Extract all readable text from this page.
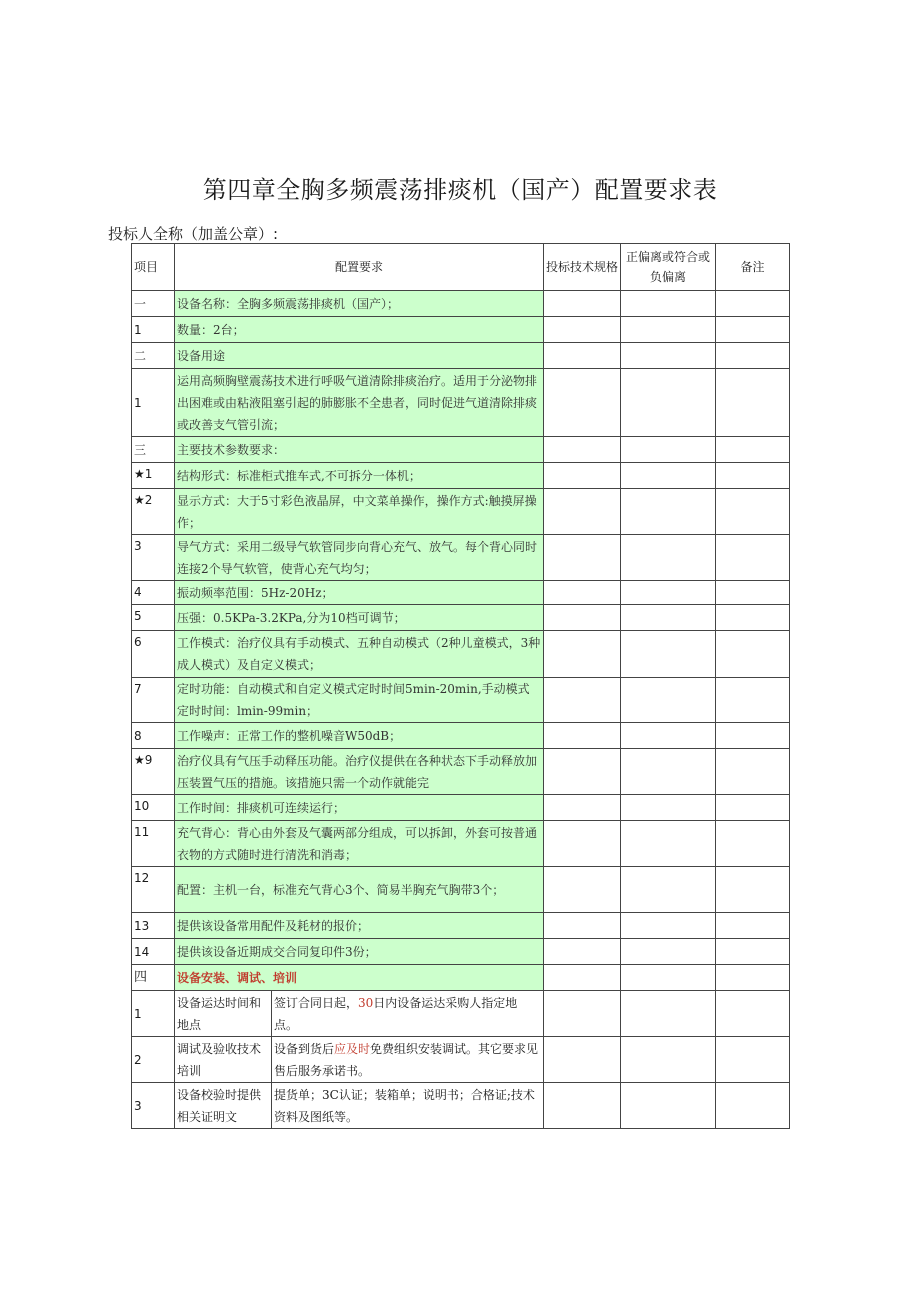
第四章全胸多频震荡排痰机（国产）配置要求表
投标人全称（加盖公章）:
项目	配置要求		投标技术规格	正偏离或符合或负偏离	备注
一	设备名称：全胸多频震荡排痰机（国产）；				
1	数量：2台；				
二	设备用途				
1	运用高频胸壁震荡技术进行呼吸气道清除排痰治疗。适用于分泌物排出困难或由粘液阻塞引起的肺膨胀不全患者，同时促进气道清除排痰或改善支气管引流；				
三	主要技术参数要求：				
★1	结构形式：标准柜式推车式,不可拆分一体机；				
★2	显示方式：大于5寸彩色液晶屏，中文菜单操作，操作方式:触摸屏操作；				
3	导气方式：采用二级导气软管同步向背心充气、放气。每个背心同时连接2个导气软管，使背心充气均匀；				
4	振动频率范围：5Hz-20Hz；				
5	压强：0.5KPa-3.2KPa,分为10档可调节；				
6	工作模式：治疗仪具有手动模式、五种自动模式（2种儿童模式，3种成人模式）及自定义模式；				
7	定时功能：自动模式和自定义模式定时时间5min-20min,手动模式定时时间：lmin-99min；				
8	工作噪声：正常工作的整机噪音W50dB；				
★9	治疗仪具有气压手动释压功能。治疗仪提供在各种状态下手动释放加压装置气压的措施。该措施只需一个动作就能完				
10	工作时间：排痰机可连续运行；				
11	充气背心：背心由外套及气囊两部分组成，可以拆卸，外套可按普通衣物的方式随时进行清洗和消毒；				
12	配置：主机一台，标准充气背心3个、简易半胸充气胸带3个；				
13	提供该设备常用配件及耗材的报价；				
14	提供该设备近期成交合同复印件3份；				
四	设备安装、调试、培训				
1	设备运达时间和地点	签订合同日起，30日内设备运达采购人指定地点。			
2	调试及验收技术培训	设备到货后应及时免费组织安装调试。其它要求见售后服务承诺书。			
3	设备校验时提供相关证明文	提货单；3C认证；装箱单；说明书；合格证;技术资料及图纸等。			
